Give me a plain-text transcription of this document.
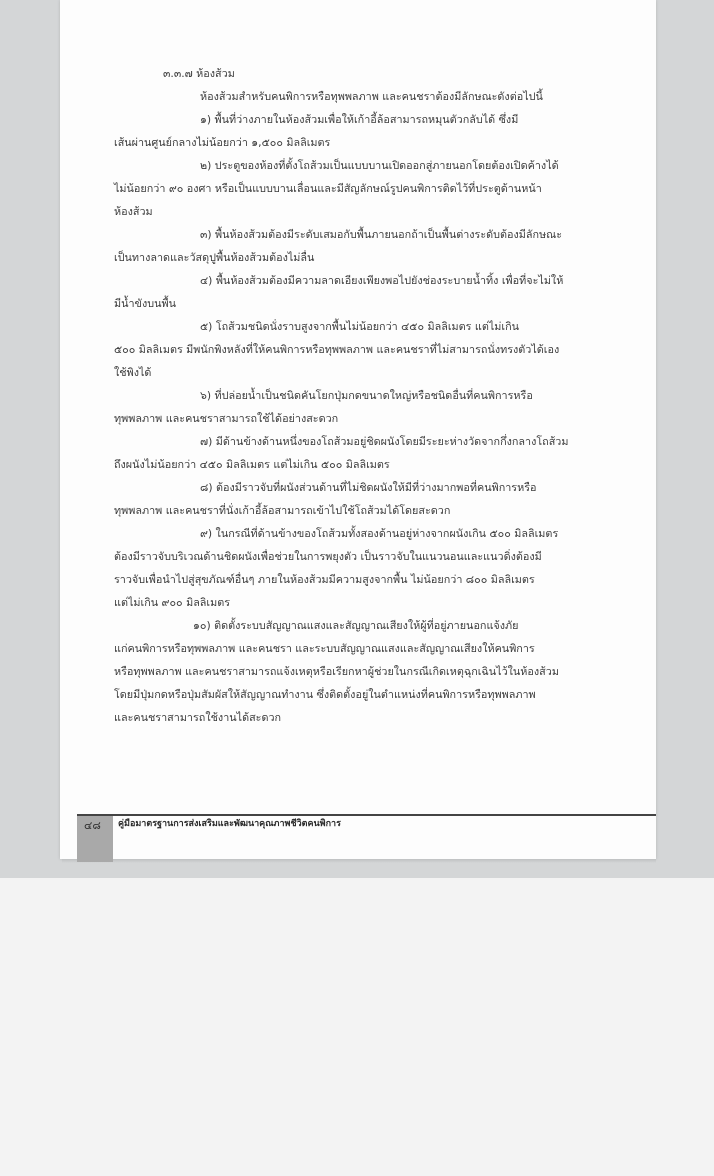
๓.๓.๗ ห้องส้วม
ห้องส้วมสำหรับคนพิการหรือทุพพลภาพ และคนชราต้องมีลักษณะดังต่อไปนี้
๑) พื้นที่ว่างภายในห้องส้วมเพื่อให้เก้าอี้ล้อสามารถหมุนตัวกลับได้ ซึ่งมี
เส้นผ่านศูนย์กลางไม่น้อยกว่า ๑,๕๐๐ มิลลิเมตร
๒) ประตูของห้องที่ตั้งโถส้วมเป็นแบบบานเปิดออกสู่ภายนอกโดยต้องเปิดค้างได้
ไม่น้อยกว่า ๙๐ องศา หรือเป็นแบบบานเลื่อนและมีสัญลักษณ์รูปคนพิการติดไว้ที่ประตูด้านหน้า
ห้องส้วม
๓) พื้นห้องส้วมต้องมีระดับเสมอกับพื้นภายนอกถ้าเป็นพื้นต่างระดับต้องมีลักษณะ
เป็นทางลาดและวัสดุปูพื้นห้องส้วมต้องไม่ลื่น
๔) พื้นห้องส้วมต้องมีความลาดเอียงเพียงพอไปยังช่องระบายน้ำทิ้ง เพื่อที่จะไม่ให้
มีน้ำขังบนพื้น
๕) โถส้วมชนิดนั่งราบสูงจากพื้นไม่น้อยกว่า ๔๕๐ มิลลิเมตร แต่ไม่เกิน
๕๐๐ มิลลิเมตร มีพนักพิงหลังที่ให้คนพิการหรือทุพพลภาพ และคนชราที่ไม่สามารถนั่งทรงตัวได้เอง
ใช้พิงได้
๖) ที่ปล่อยน้ำเป็นชนิดคันโยกปุ่มกดขนาดใหญ่หรือชนิดอื่นที่คนพิการหรือ
ทุพพลภาพ และคนชราสามารถใช้ได้อย่างสะดวก
๗) มีด้านข้างด้านหนึ่งของโถส้วมอยู่ชิดผนังโดยมีระยะห่างวัดจากกึ่งกลางโถส้วม
ถึงผนังไม่น้อยกว่า ๔๕๐ มิลลิเมตร แต่ไม่เกิน ๕๐๐ มิลลิเมตร
๘) ต้องมีราวจับที่ผนังส่วนด้านที่ไม่ชิดผนังให้มีที่ว่างมากพอที่คนพิการหรือ
ทุพพลภาพ และคนชราที่นั่งเก้าอี้ล้อสามารถเข้าไปใช้โถส้วมได้โดยสะดวก
๙) ในกรณีที่ด้านข้างของโถส้วมทั้งสองด้านอยู่ห่างจากผนังเกิน ๕๐๐ มิลลิเมตร
ต้องมีราวจับบริเวณด้านชิดผนังเพื่อช่วยในการพยุงตัว เป็นราวจับในแนวนอนและแนวดิ่งต้องมี
ราวจับเพื่อนำไปสู่สุขภัณฑ์อื่นๆ ภายในห้องส้วมมีความสูงจากพื้น ไม่น้อยกว่า ๘๐๐ มิลลิเมตร
แต่ไม่เกิน ๙๐๐ มิลลิเมตร
๑๐) ติดตั้งระบบสัญญาณแสงและสัญญาณเสียงให้ผู้ที่อยู่ภายนอกแจ้งภัย
แก่คนพิการหรือทุพพลภาพ และคนชรา และระบบสัญญาณแสงและสัญญาณเสียงให้คนพิการ
หรือทุพพลภาพ และคนชราสามารถแจ้งเหตุหรือเรียกหาผู้ช่วยในกรณีเกิดเหตุฉุกเฉินไว้ในห้องส้วม
โดยมีปุ่มกดหรือปุ่มสัมผัสให้สัญญาณทำงาน ซึ่งติดตั้งอยู่ในตำแหน่งที่คนพิการหรือทุพพลภาพ
และคนชราสามารถใช้งานได้สะดวก
๔๘ คู่มือมาตรฐานการส่งเสริมและพัฒนาคุณภาพชีวิตคนพิการ
